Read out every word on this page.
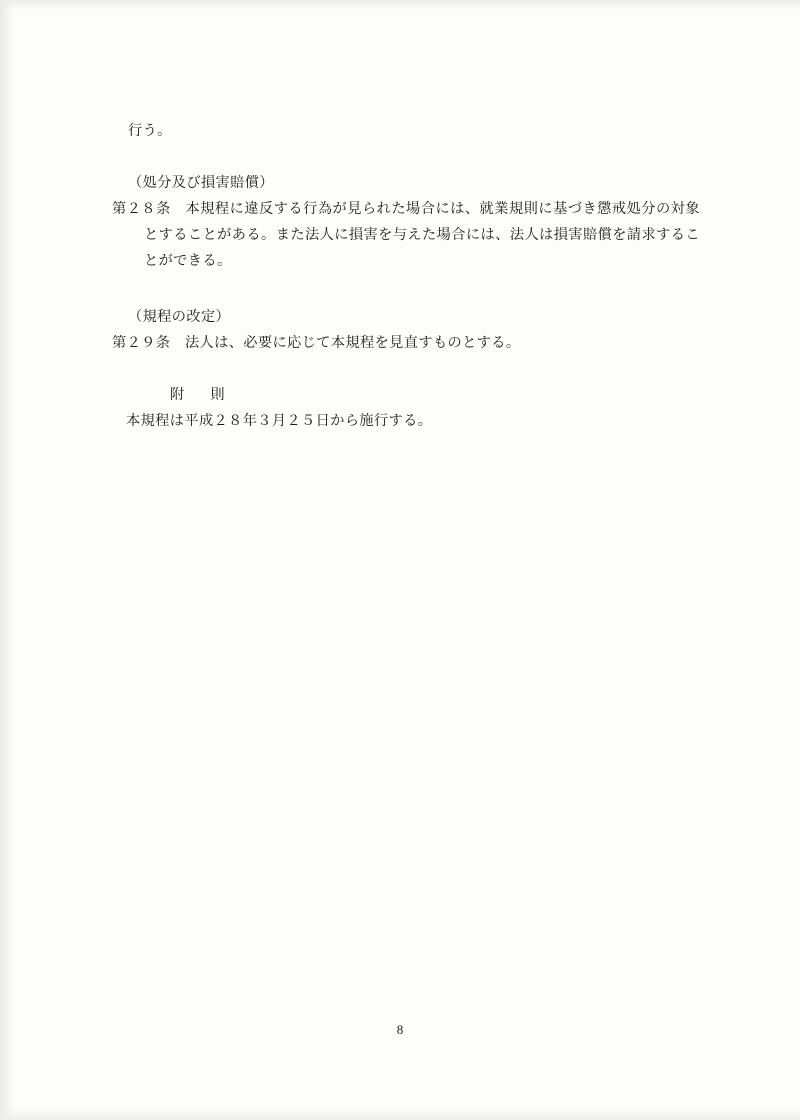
行う。

（処分及び損害賠償）

第２８条　 本規程に違反する行為が見られた場合には、就業規則に基づき懲戒処分の対象とすることがある。また法人に損害を与えた場合には、法人は損害賠償を請求することができる。

（規程の改定）

第２９条　 法人は、必要に応じて本規程を見直すものとする。

附　則

本規程は平成２８年３月２５日から施行する。

8
